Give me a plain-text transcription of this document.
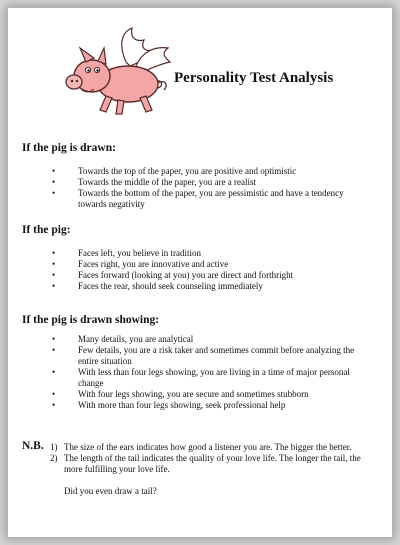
Personality Test Analysis
If the pig is drawn:
• Towards the top of the paper, you are positive and optimistic
• Towards the middle of the paper, you are a realist
• Towards the bottom of the paper, you are pessimistic and have a tendency towards negativity
If the pig:
• Faces left, you believe in tradition
• Faces right, you are innovative and active
• Faces forward (looking at you) you are direct and forthright
• Faces the rear, should seek counseling immediately
If the pig is drawn showing:
• Many details, you are analytical
• Few details, you are a risk taker and sometimes commit before analyzing the entire situation
• With less than four legs showing, you are living in a time of major personal change
• With four legs showing, you are secure and sometimes stubborn
• With more than four legs showing, seek professional help
N.B. 1) The size of the ears indicates how good a listener you are. The bigger the better.
2) The length of the tail indicates the quality of your love life. The longer the tail, the more fulfilling your love life.

Did you even draw a tail?
